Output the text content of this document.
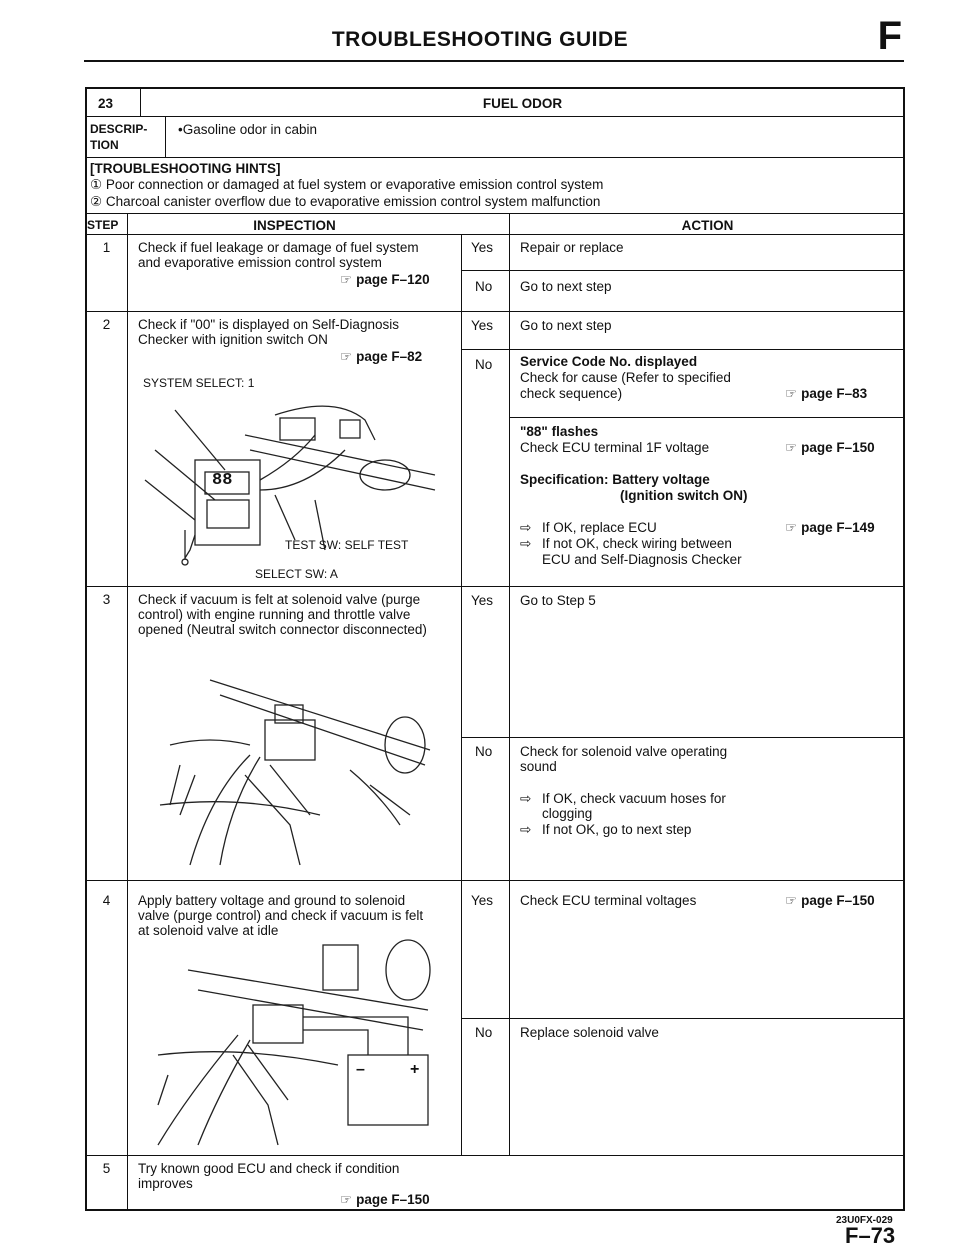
TROUBLESHOOTING GUIDE	F
23	FUEL ODOR
DESCRIP-
TION
•Gasoline odor in cabin
[TROUBLESHOOTING HINTS]
① Poor connection or damaged at fuel system or evaporative emission control system
② Charcoal canister overflow due to evaporative emission control system malfunction
STEP	INSPECTION	ACTION
1	Check if fuel leakage or damage of fuel system
and evaporative emission control system
☞ page F–120
Yes Repair or replace
No Go to next step
2	Check if "00" is displayed on Self-Diagnosis
Checker with ignition switch ON
☞ page F–82
SYSTEM SELECT: 1
88
TEST SW: SELF TEST
SELECT SW: A
Yes Go to next step
No Service Code No. displayed
Check for cause (Refer to specified
check sequence)	☞ page F–83
"88" flashes
Check ECU terminal 1F voltage	☞ page F–150
Specification: Battery voltage
(Ignition switch ON)
⇨ If OK, replace ECU	☞ page F–149
⇨ If not OK, check wiring between
ECU and Self-Diagnosis Checker
3	Check if vacuum is felt at solenoid valve (purge
control) with engine running and throttle valve
opened (Neutral switch connector disconnected)
Yes Go to Step 5
No Check for solenoid valve operating
sound
⇨ If OK, check vacuum hoses for
clogging
⇨ If not OK, go to next step
4	Apply battery voltage and ground to solenoid
valve (purge control) and check if vacuum is felt
at solenoid valve at idle
–	+
Yes Check ECU terminal voltages	☞ page F–150
No Replace solenoid valve
5	Try known good ECU and check if condition
improves
☞ page F–150
23U0FX-029
F–73
